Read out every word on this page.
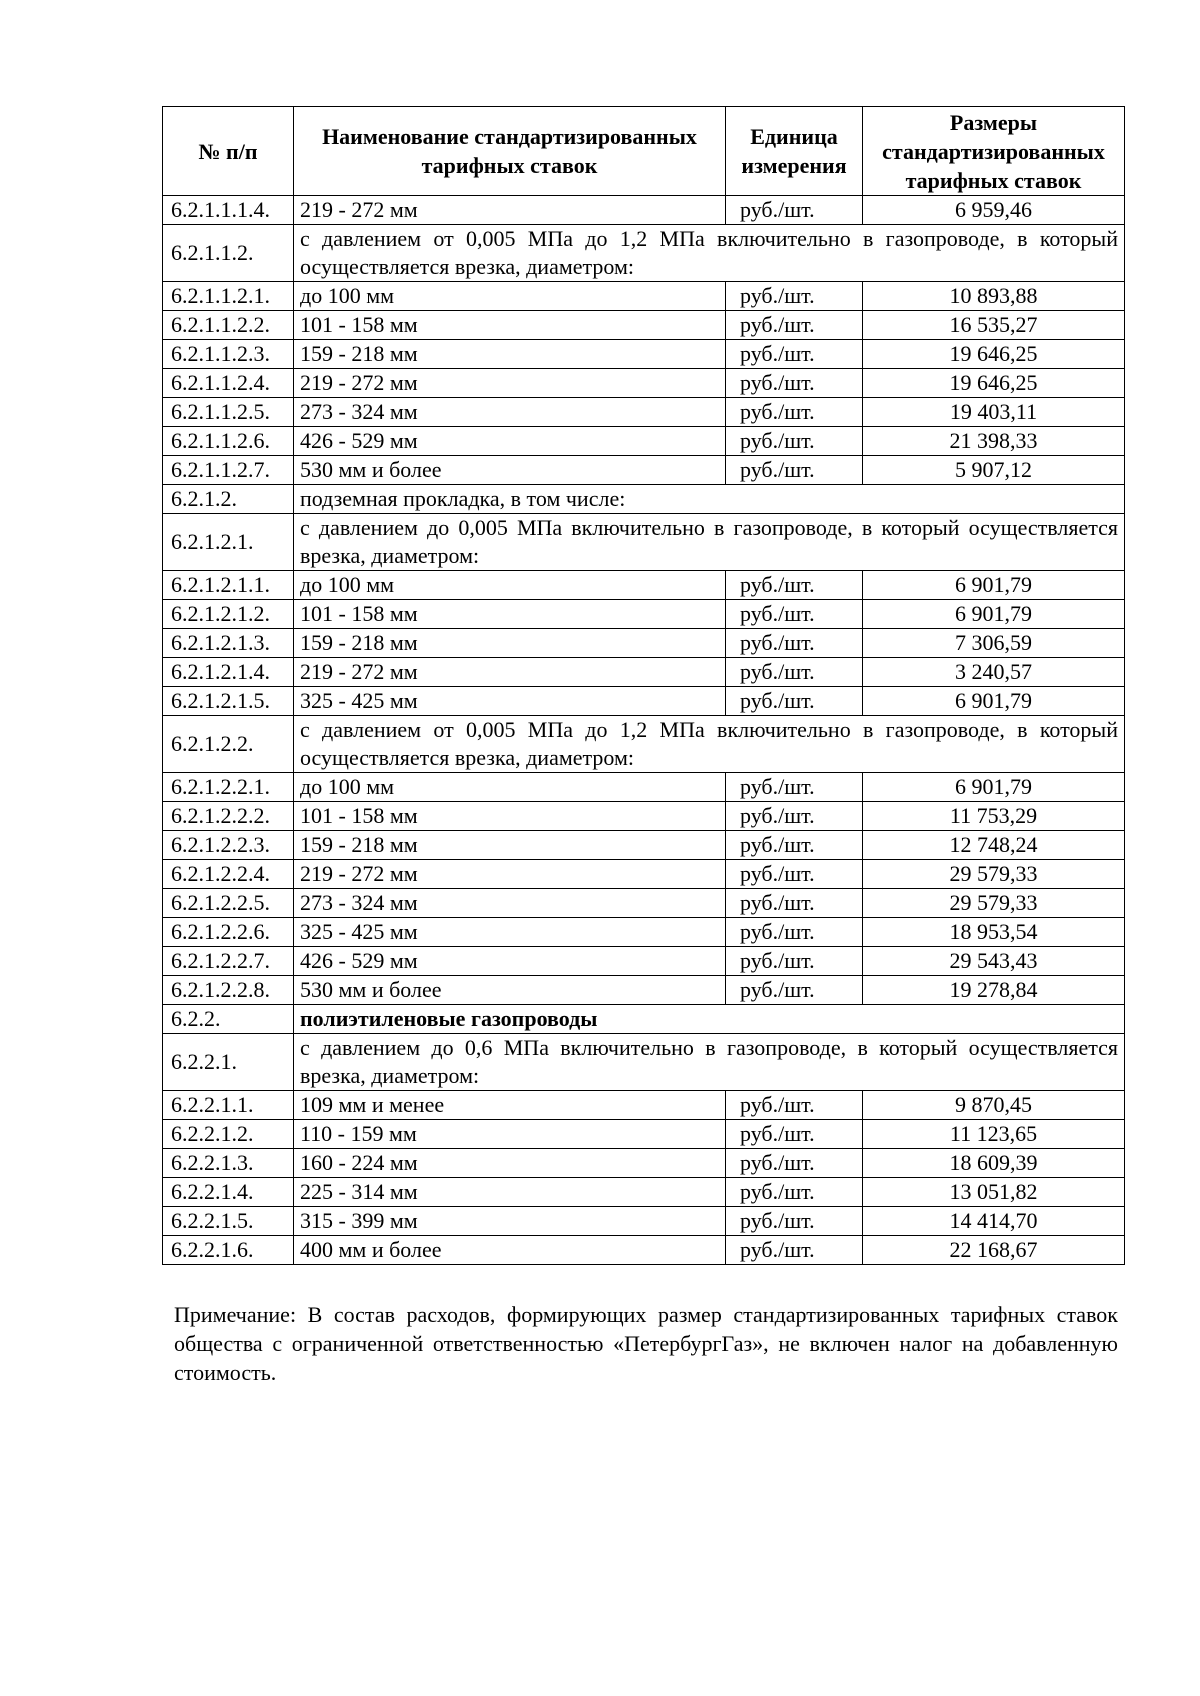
№ п/п	Наименование стандартизированных тарифных ставок	Единица измерения	Размеры стандартизированных тарифных ставок
6.2.1.1.1.4.	219 - 272 мм	руб./шт.	6 959,46
6.2.1.1.2.	с давлением от 0,005 МПа до 1,2 МПа включительно в газопроводе, в который осуществляется врезка, диаметром:		
6.2.1.1.2.1.	до 100 мм	руб./шт.	10 893,88
6.2.1.1.2.2.	101 - 158 мм	руб./шт.	16 535,27
6.2.1.1.2.3.	159 - 218 мм	руб./шт.	19 646,25
6.2.1.1.2.4.	219 - 272 мм	руб./шт.	19 646,25
6.2.1.1.2.5.	273 - 324 мм	руб./шт.	19 403,11
6.2.1.1.2.6.	426 - 529 мм	руб./шт.	21 398,33
6.2.1.1.2.7.	530 мм и более	руб./шт.	5 907,12
6.2.1.2.	подземная прокладка, в том числе:		
6.2.1.2.1.	с давлением до 0,005 МПа включительно в газопроводе, в который осуществляется врезка, диаметром:		
6.2.1.2.1.1.	до 100 мм	руб./шт.	6 901,79
6.2.1.2.1.2.	101 - 158 мм	руб./шт.	6 901,79
6.2.1.2.1.3.	159 - 218 мм	руб./шт.	7 306,59
6.2.1.2.1.4.	219 - 272 мм	руб./шт.	3 240,57
6.2.1.2.1.5.	325 - 425 мм	руб./шт.	6 901,79
6.2.1.2.2.	с давлением от 0,005 МПа до 1,2 МПа включительно в газопроводе, в который осуществляется врезка, диаметром:		
6.2.1.2.2.1.	до 100 мм	руб./шт.	6 901,79
6.2.1.2.2.2.	101 - 158 мм	руб./шт.	11 753,29
6.2.1.2.2.3.	159 - 218 мм	руб./шт.	12 748,24
6.2.1.2.2.4.	219 - 272 мм	руб./шт.	29 579,33
6.2.1.2.2.5.	273 - 324 мм	руб./шт.	29 579,33
6.2.1.2.2.6.	325 - 425 мм	руб./шт.	18 953,54
6.2.1.2.2.7.	426 - 529 мм	руб./шт.	29 543,43
6.2.1.2.2.8.	530 мм и более	руб./шт.	19 278,84
6.2.2.	полиэтиленовые газопроводы		
6.2.2.1.	с давлением до 0,6 МПа включительно в газопроводе, в который осуществляется врезка, диаметром:		
6.2.2.1.1.	109 мм и менее	руб./шт.	9 870,45
6.2.2.1.2.	110 - 159 мм	руб./шт.	11 123,65
6.2.2.1.3.	160 - 224 мм	руб./шт.	18 609,39
6.2.2.1.4.	225 - 314 мм	руб./шт.	13 051,82
6.2.2.1.5.	315 - 399 мм	руб./шт.	14 414,70
6.2.2.1.6.	400 мм и более	руб./шт.	22 168,67
Примечание: В состав расходов, формирующих размер стандартизированных тарифных ставок общества с ограниченной ответственностью «ПетербургГаз», не включен налог на добавленную стоимость.
